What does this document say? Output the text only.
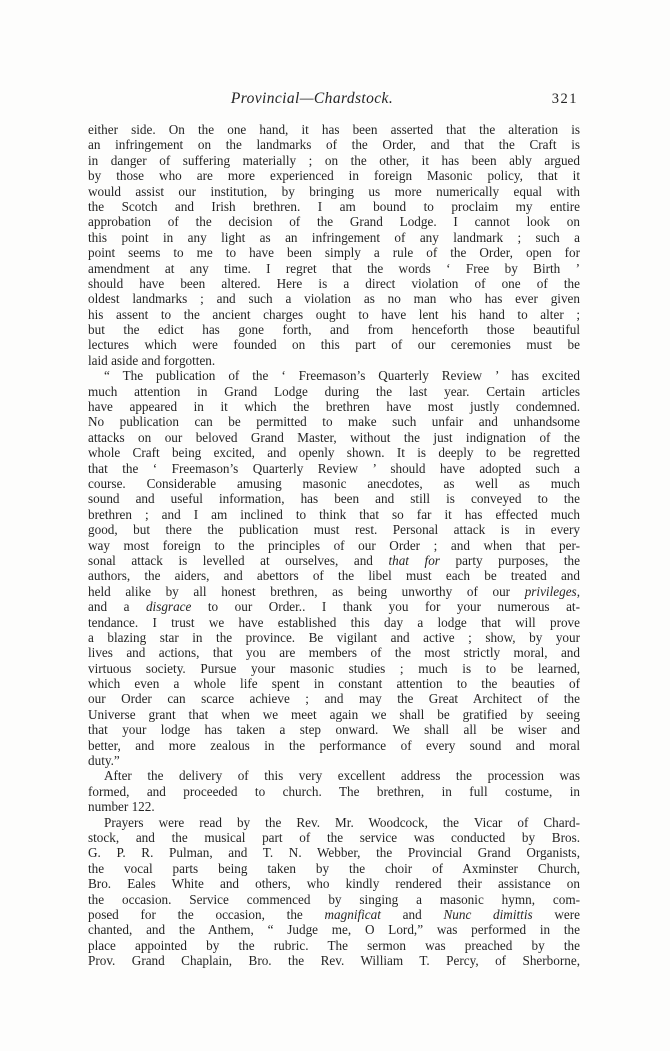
Provincial—Chardstock.	321
either side. On the one hand, it has been asserted that the alteration is
an infringement on the landmarks of the Order, and that the Craft is
in danger of suffering materially ; on the other, it has been ably argued
by those who are more experienced in foreign Masonic policy, that it
would assist our institution, by bringing us more numerically equal with
the Scotch and Irish brethren. I am bound to proclaim my entire
approbation of the decision of the Grand Lodge. I cannot look on
this point in any light as an infringement of any landmark ; such a
point seems to me to have been simply a rule of the Order, open for
amendment at any time. I regret that the words ‘ Free by Birth ’
should have been altered. Here is a direct violation of one of the
oldest landmarks ; and such a violation as no man who has ever given
his assent to the ancient charges ought to have lent his hand to alter ;
but the edict has gone forth, and from henceforth those beautiful
lectures which were founded on this part of our ceremonies must be
laid aside and forgotten.
“ The publication of the ‘ Freemason’s Quarterly Review ’ has excited
much attention in Grand Lodge during the last year. Certain articles
have appeared in it which the brethren have most justly condemned.
No publication can be permitted to make such unfair and unhandsome
attacks on our beloved Grand Master, without the just indignation of the
whole Craft being excited, and openly shown. It is deeply to be regretted
that the ‘ Freemason’s Quarterly Review ’ should have adopted such a
course. Considerable amusing masonic anecdotes, as well as much
sound and useful information, has been and still is conveyed to the
brethren ; and I am inclined to think that so far it has effected much
good, but there the publication must rest. Personal attack is in every
way most foreign to the principles of our Order ; and when that per-
sonal attack is levelled at ourselves, and that for party purposes, the
authors, the aiders, and abettors of the libel must each be treated and
held alike by all honest brethren, as being unworthy of our privileges,
and a disgrace to our Order.. I thank you for your numerous at-
tendance. I trust we have established this day a lodge that will prove
a blazing star in the province. Be vigilant and active ; show, by your
lives and actions, that you are members of the most strictly moral, and
virtuous society. Pursue your masonic studies ; much is to be learned,
which even a whole life spent in constant attention to the beauties of
our Order can scarce achieve ; and may the Great Architect of the
Universe grant that when we meet again we shall be gratified by seeing
that your lodge has taken a step onward. We shall all be wiser and
better, and more zealous in the performance of every sound and moral
duty.”
After the delivery of this very excellent address the procession was
formed, and proceeded to church. The brethren, in full costume, in
number 122.
Prayers were read by the Rev. Mr. Woodcock, the Vicar of Chard-
stock, and the musical part of the service was conducted by Bros.
G. P. R. Pulman, and T. N. Webber, the Provincial Grand Organists,
the vocal parts being taken by the choir of Axminster Church,
Bro. Eales White and others, who kindly rendered their assistance on
the occasion. Service commenced by singing a masonic hymn, com-
posed for the occasion, the magnificat and Nunc dimittis were
chanted, and the Anthem, “ Judge me, O Lord,” was performed in the
place appointed by the rubric. The sermon was preached by the
Prov. Grand Chaplain, Bro. the Rev. William T. Percy, of Sherborne,
